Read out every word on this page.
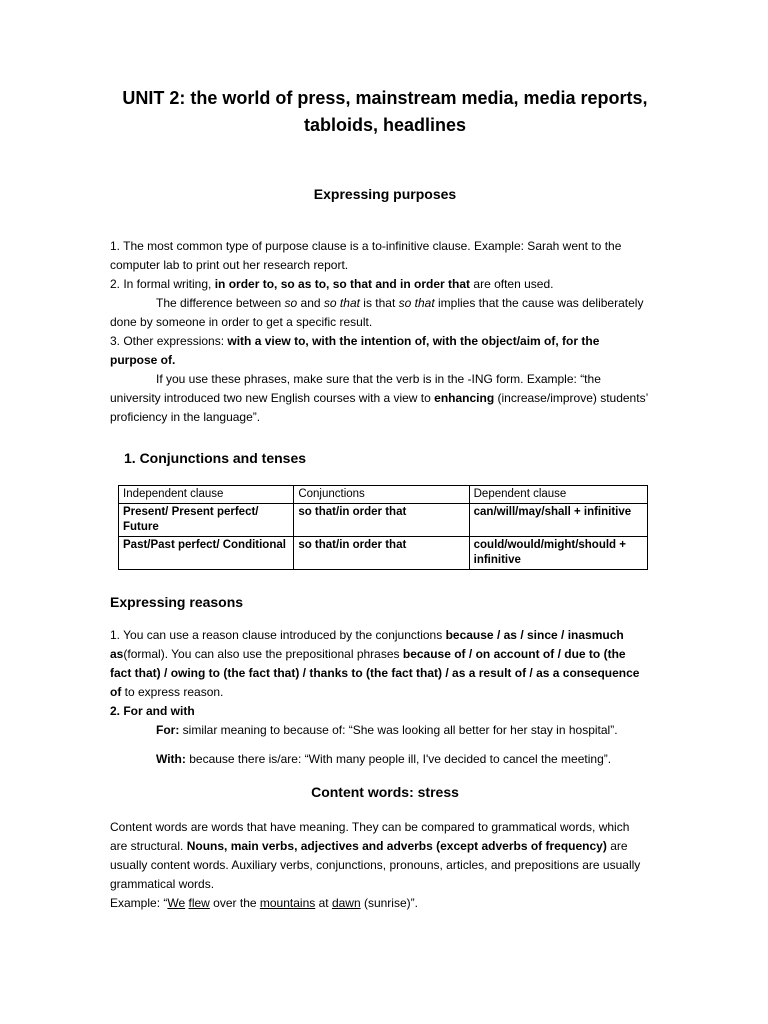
UNIT 2: the world of press, mainstream media, media reports, tabloids, headlines
Expressing purposes

1. The most common type of purpose clause is a to-infinitive clause. Example: Sarah went to the computer lab to print out her research report.

2. In formal writing, in order to, so as to, so that and in order that are often used.

The difference between so and so that is that so that implies that the cause was deliberately done by someone in order to get a specific result.

3. Other expressions: with a view to, with the intention of, with the object/aim of, for the purpose of.

If you use these phrases, make sure that the verb is in the -ING form. Example: “the university introduced two new English courses with a view to enhancing (increase/improve) students’ proficiency in the language”.

1. Conjunctions and tenses
Independent clause	Conjunctions	Dependent clause
Present/ Present perfect/ Future	so that/in order that	can/will/may/shall + infinitive
Past/Past perfect/ Conditional	so that/in order that	could/would/might/should + infinitive
Expressing reasons

1. You can use a reason clause introduced by the conjunctions because / as / since / inasmuch as(formal). You can also use the prepositional phrases because of / on account of / due to (the fact that) / owing to (the fact that) / thanks to (the fact that) / as a result of / as a consequence of to express reason.

2. For and with

For: similar meaning to because of: “She was looking all better for her stay in hospital”.

With: because there is/are: “With many people ill, I've decided to cancel the meeting”.

Content words: stress

Content words are words that have meaning. They can be compared to grammatical words, which are structural. Nouns, main verbs, adjectives and adverbs (except adverbs of frequency) are usually content words. Auxiliary verbs, conjunctions, pronouns, articles, and prepositions are usually grammatical words.

Example: “We flew over the mountains at dawn (sunrise)”.
